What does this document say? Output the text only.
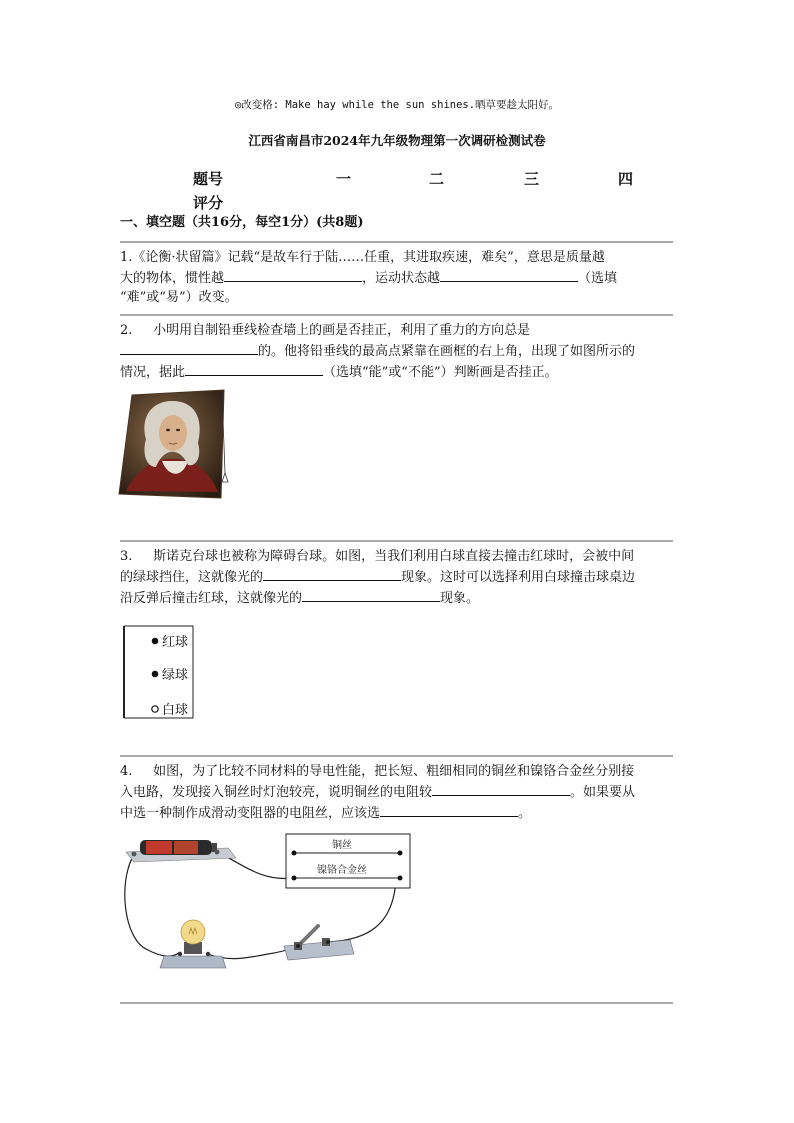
◎改变格: Make hay while the sun shines.晒草要趁太阳好。
江西省南昌市2024年九年级物理第一次调研检测试卷
题号	一	二	三	四
评分
一、填空题（共16分，每空1分）(共8题)
1.《论衡·状留篇》记载“是故车行于陆……任重，其进取疾速，难矣”，意思是质量越
大的物体，惯性越	，运动状态越	（选填
“难”或“易”）改变。
2. 小明用自制铅垂线检查墙上的画是否挂正，利用了重力的方向总是
的。他将铅垂线的最高点紧靠在画框的右上角，出现了如图所示的
情况，据此	（选填“能”或“不能”）判断画是否挂正。
3. 斯诺克台球也被称为障碍台球。如图，当我们利用白球直接去撞击红球时，会被中间
的绿球挡住，这就像光的	现象。这时可以选择利用白球撞击球桌边
沿反弹后撞击红球，这就像光的	现象。
红球
绿球
白球
4. 如图，为了比较不同材料的导电性能，把长短、粗细相同的铜丝和镍铬合金丝分别接
入电路，发现接入铜丝时灯泡较亮，说明铜丝的电阻较	。如果要从
中选一种制作成滑动变阻器的电阻丝，应该选	。
铜丝
镍铬合金丝
